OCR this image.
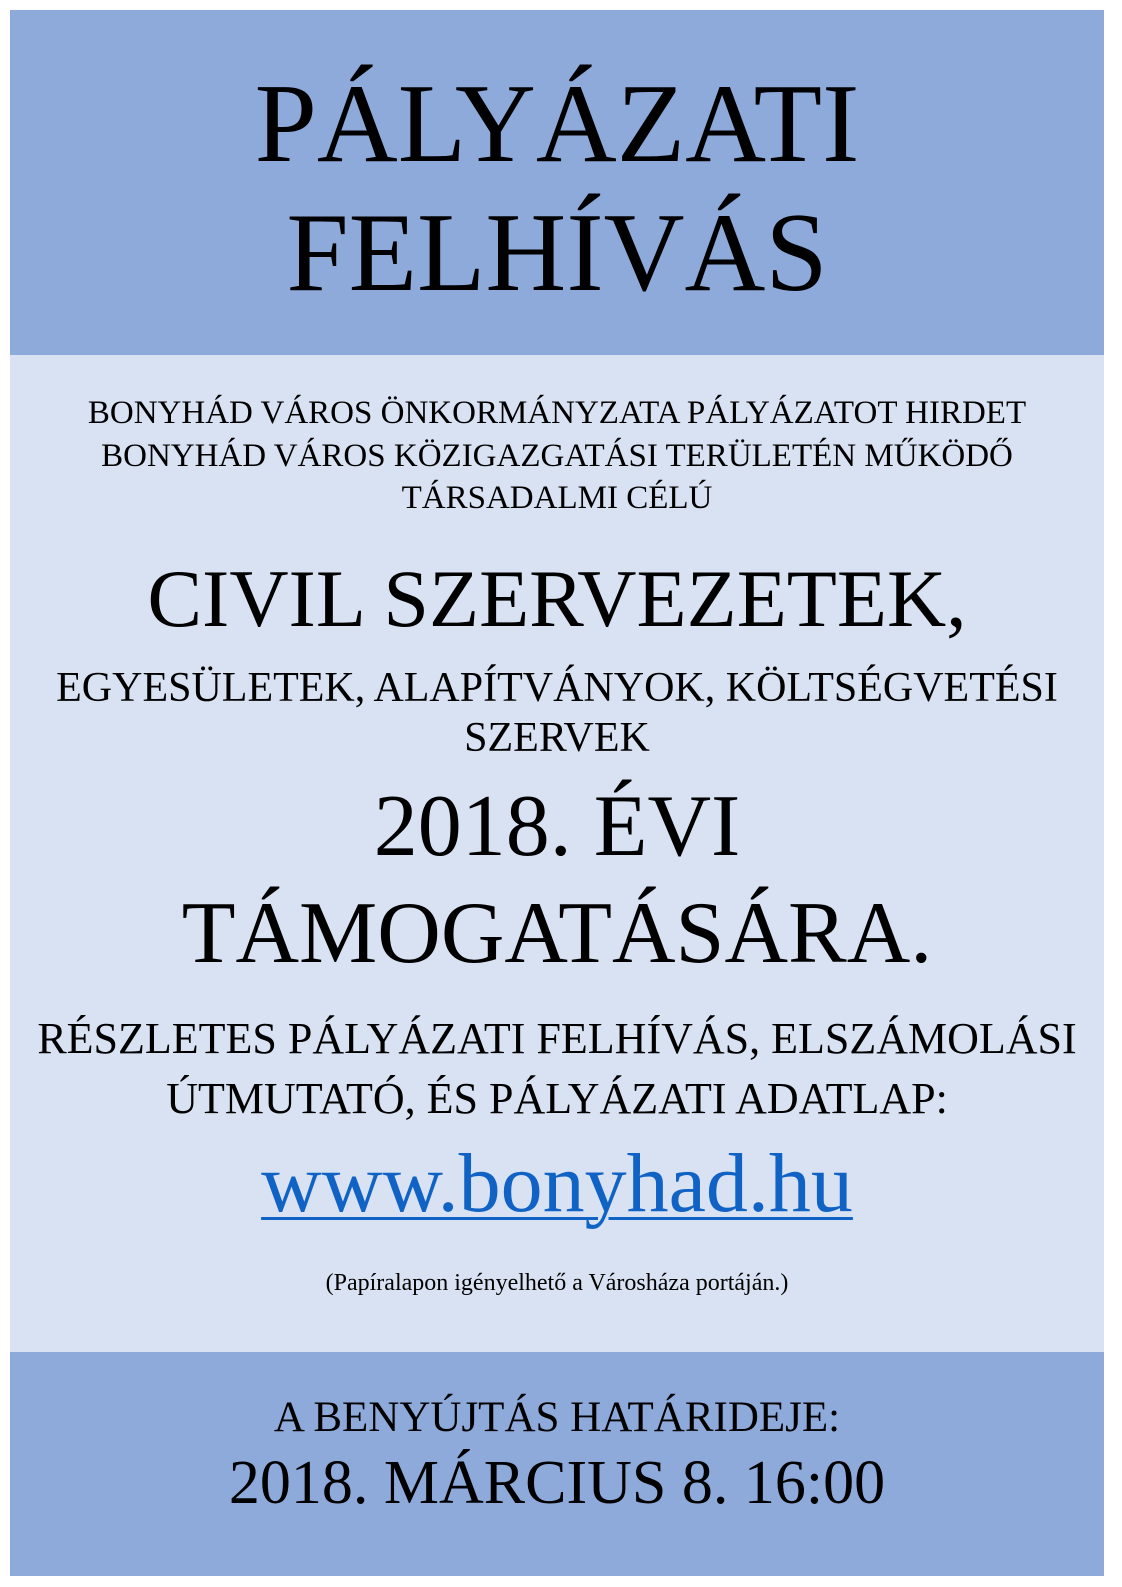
PÁLYÁZATI
FELHÍVÁS
BONYHÁD VÁROS ÖNKORMÁNYZATA PÁLYÁZATOT HIRDET
BONYHÁD VÁROS KÖZIGAZGATÁSI TERÜLETÉN MŰKÖDŐ
TÁRSADALMI CÉLÚ
CIVIL SZERVEZETEK,
EGYESÜLETEK, ALAPÍTVÁNYOK, KÖLTSÉGVETÉSI
SZERVEK
2018. ÉVI
TÁMOGATÁSÁRA.
RÉSZLETES PÁLYÁZATI FELHÍVÁS, ELSZÁMOLÁSI
ÚTMUTATÓ, ÉS PÁLYÁZATI ADATLAP:
www.bonyhad.hu
(Papíralapon igényelhető a Városháza portáján.)
A BENYÚJTÁS HATÁRIDEJE:
2018. MÁRCIUS 8. 16:00
